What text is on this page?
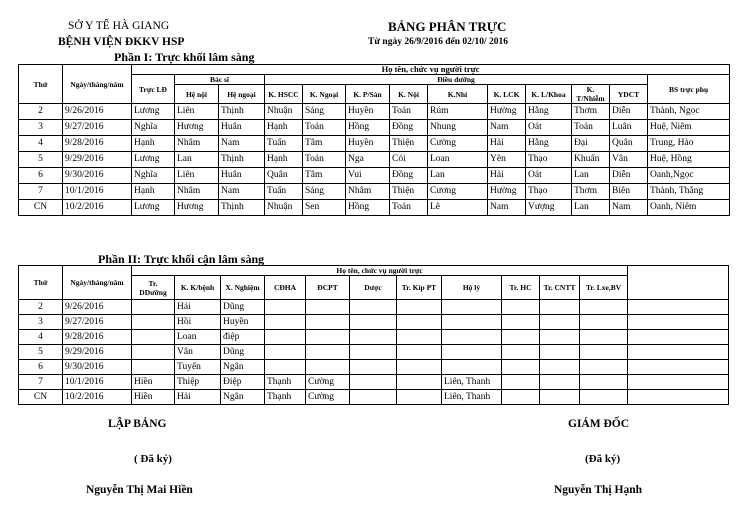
SỞ Y TẾ HÀ GIANG
BỆNH VIỆN ĐKKV HSP
BẢNG PHÂN TRỰC
Từ ngày 26/9/2016 đến 02/10/ 2016
Phần I: Trực khối lâm sàng
Thứ	Ngày/tháng/năm	Họ tên, chức vụ người trực												
		Trực LĐ	Bác sĩ		Điều dưỡng									BS trực phụ
			Hệ nội	Hệ ngoại	K. HSCC	K. Ngoại	K. P/Sản	K. Nội	K.Nhi	K. LCK	K. L/Khoa	K. T/Nhiễm	YDCT	
2	9/26/2016	Lương	Liên	Thịnh	Nhuận	Sáng	Huyền	Toản	Rúm	Hường	Hằng	Thơm	Diễn	Thành, Ngọc
3	9/27/2016	Nghĩa	Hương	Huân	Hạnh	Toản	Hồng	Đồng	Nhung	Nam	Oát	Toản	Luân	Huệ, Niêm
4	9/28/2016	Hạnh	Nhâm	Nam	Tuấn	Tâm	Huyền	Thiện	Cường	Hải	Hằng	Đại	Quân	Trung, Hào
5	9/29/2016	Lương	Lan	Thịnh	Hạnh	Toản	Nga	Cói	Loan	Yên	Thạo	Khuấn	Vân	Huệ, Hồng
6	9/30/2016	Nghĩa	Liên	Huân	Quân	Tâm	Vui	Đồng	Lan	Hải	Oát	Lan	Diễn	Oanh,Ngọc
7	10/1/2016	Hạnh	Nhâm	Nam	Tuấn	Sáng	Nhâm	Thiện	Cương	Hường	Thạo	Thơm	Biên	Thành, Thắng
CN	10/2/2016	Lương	Hương	Thịnh	Nhuận	Sen	Hồng	Toản	Lê	Nam	Vượng	Lan	Nam	Oanh, Niêm
Phần II: Trực khối cận lâm sàng
Thứ	Ngày/tháng/năm	Họ tên, chức vụ người trực											
		Tr. DDưỡng	K. K/bệnh	X. Nghiệm	CĐHA	ĐCPT	Dược	Tr. Kíp PT	Hộ lý	Tr. HC	Tr. CNTT	Tr. Lxe,BV	
2	9/26/2016		Hải	Dũng									
3	9/27/2016		Hồi	Huyền									
4	9/28/2016		Loan	điệp									
5	9/29/2016		Vân	Dũng									
6	9/30/2016		Tuyến	Ngân									
7	10/1/2016	Hiền	Thiệp	Điệp	Thạnh	Cường			Liên, Thanh				
CN	10/2/2016	Hiền	Hải	Ngân	Thạnh	Cường			Liên, Thanh				
LẬP BẢNG
( Đã ký)
Nguyễn Thị Mai Hiền
GIÁM ĐỐC
(Đã ký)
Nguyễn Thị Hạnh
